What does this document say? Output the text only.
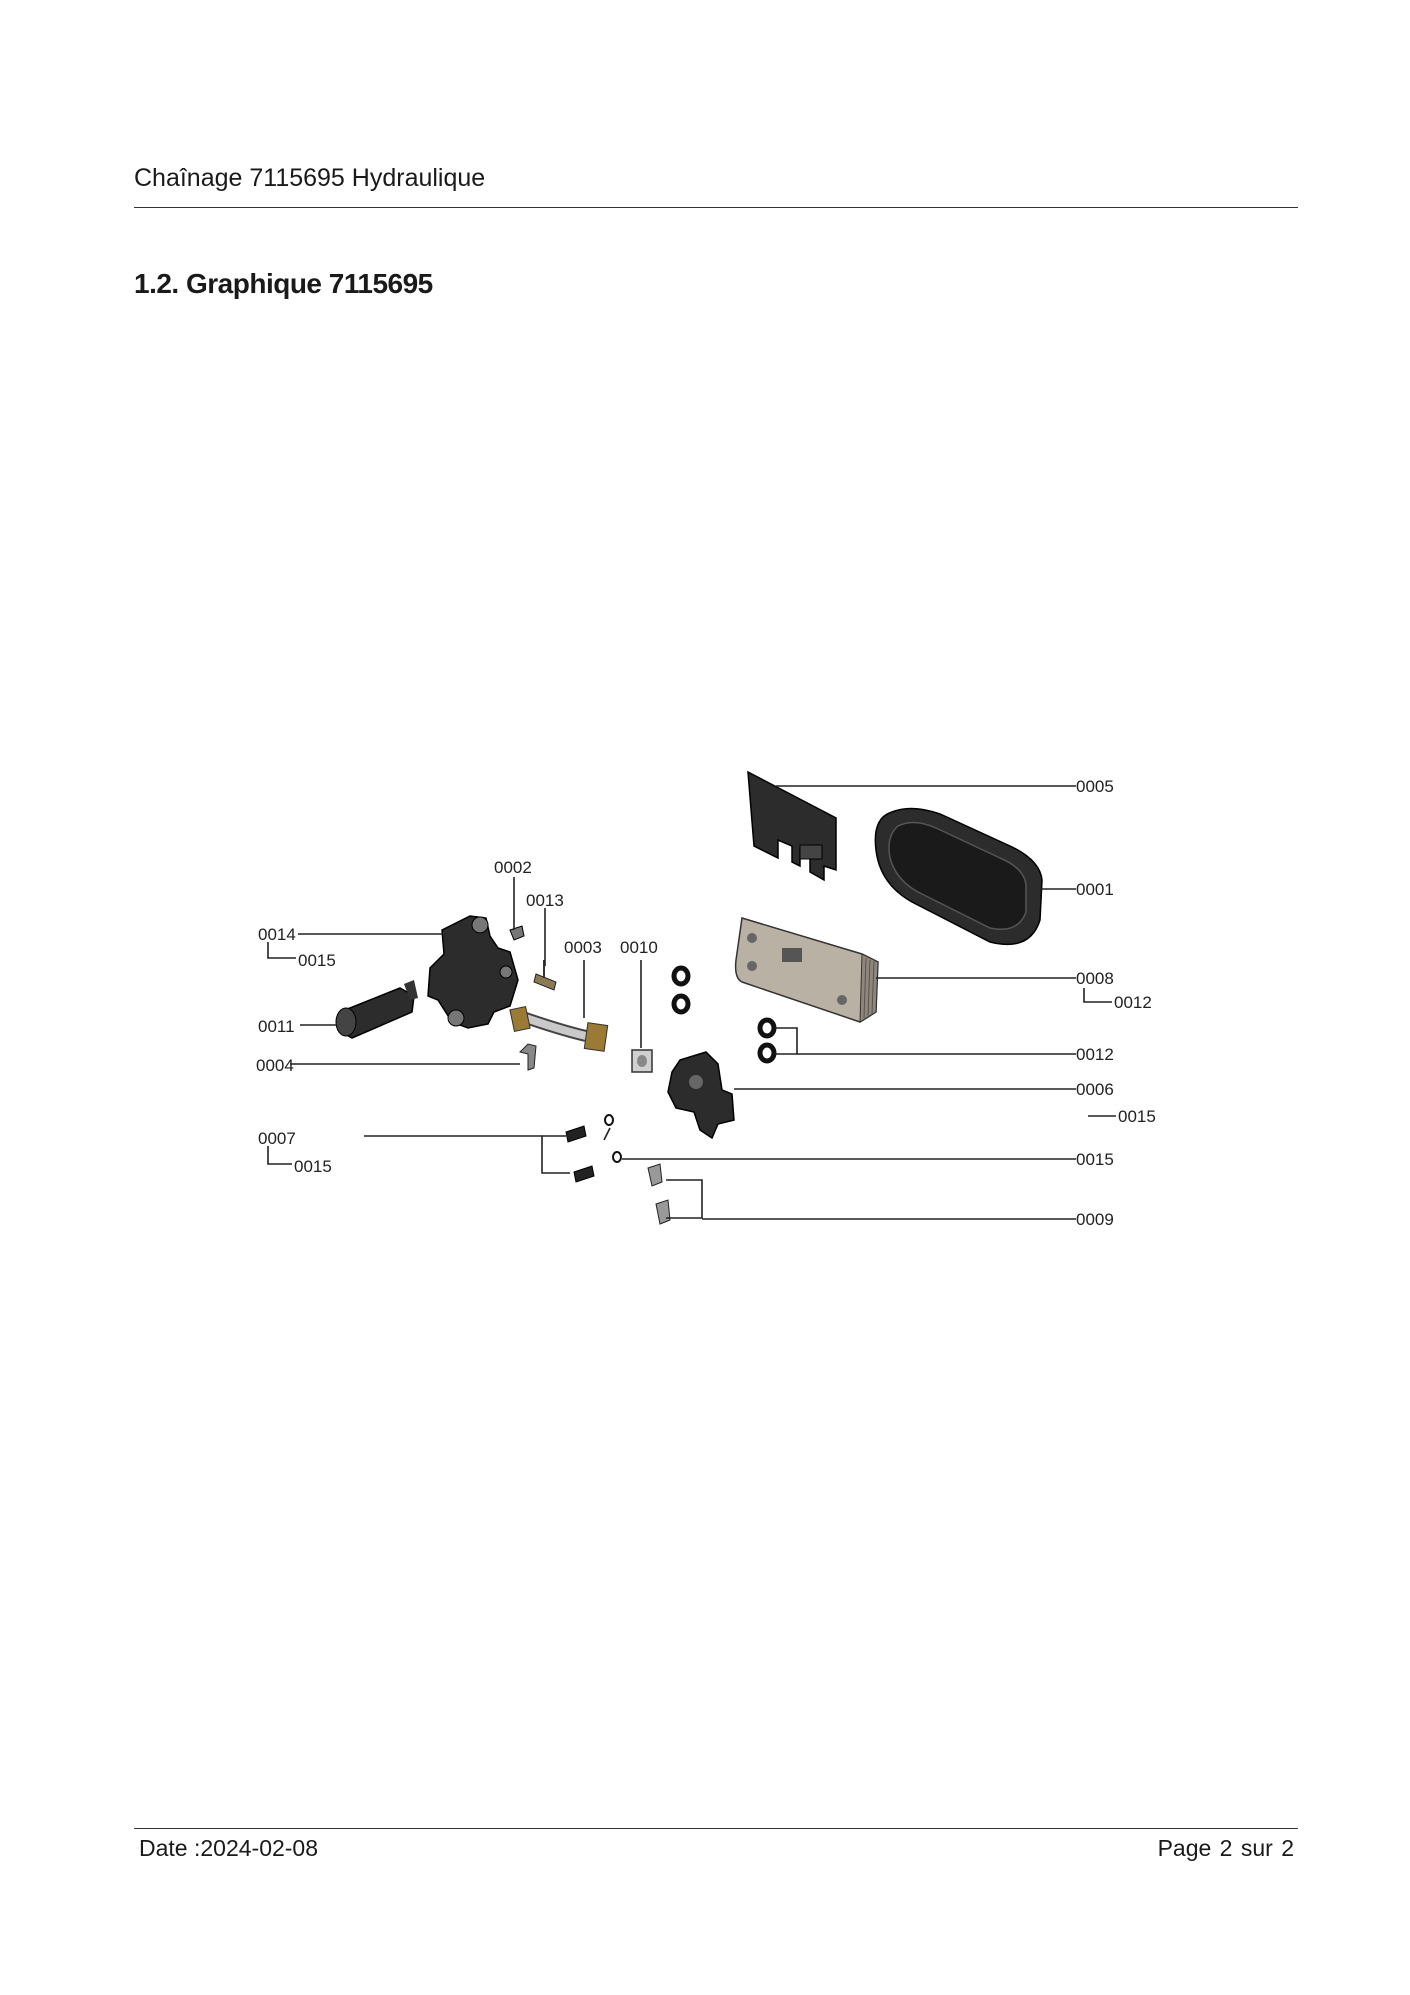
Chaînage 7115695 Hydraulique
1.2. Graphique 7115695
0005
0001
0008
0012
0012
0006
0015
0015
0009
0002
0013
0003 0010
0014
0015
0011
0004
0007
0015
Date :2024-02-08	Page 2 sur 2
